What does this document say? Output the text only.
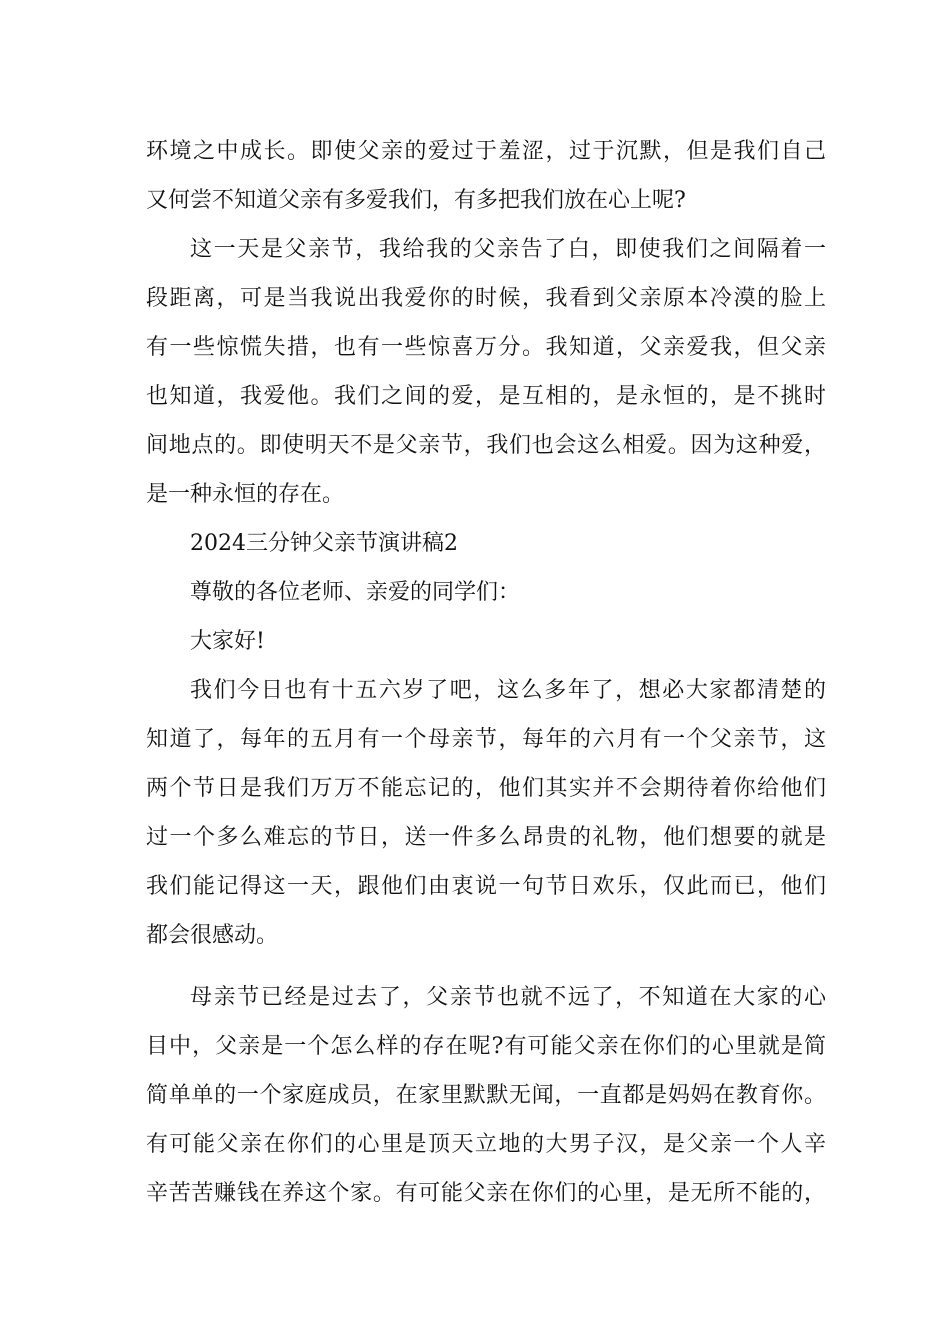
环境之中成长。即使父亲的爱过于羞涩，过于沉默，但是我们自己
又何尝不知道父亲有多爱我们，有多把我们放在心上呢?
这一天是父亲节，我给我的父亲告了白，即使我们之间隔着一
段距离，可是当我说出我爱你的时候，我看到父亲原本冷漠的脸上
有一些惊慌失措，也有一些惊喜万分。我知道，父亲爱我，但父亲
也知道，我爱他。我们之间的爱，是互相的，是永恒的，是不挑时
间地点的。即使明天不是父亲节，我们也会这么相爱。因为这种爱，
是一种永恒的存在。
2024三分钟父亲节演讲稿2
尊敬的各位老师、亲爱的同学们：
大家好!
我们今日也有十五六岁了吧，这么多年了，想必大家都清楚的
知道了，每年的五月有一个母亲节，每年的六月有一个父亲节，这
两个节日是我们万万不能忘记的，他们其实并不会期待着你给他们
过一个多么难忘的节日，送一件多么昂贵的礼物，他们想要的就是
我们能记得这一天，跟他们由衷说一句节日欢乐，仅此而已，他们
都会很感动。
母亲节已经是过去了，父亲节也就不远了，不知道在大家的心
目中，父亲是一个怎么样的存在呢?有可能父亲在你们的心里就是简
简单单的一个家庭成员，在家里默默无闻，一直都是妈妈在教育你。
有可能父亲在你们的心里是顶天立地的大男子汉，是父亲一个人辛
辛苦苦赚钱在养这个家。有可能父亲在你们的心里，是无所不能的，
